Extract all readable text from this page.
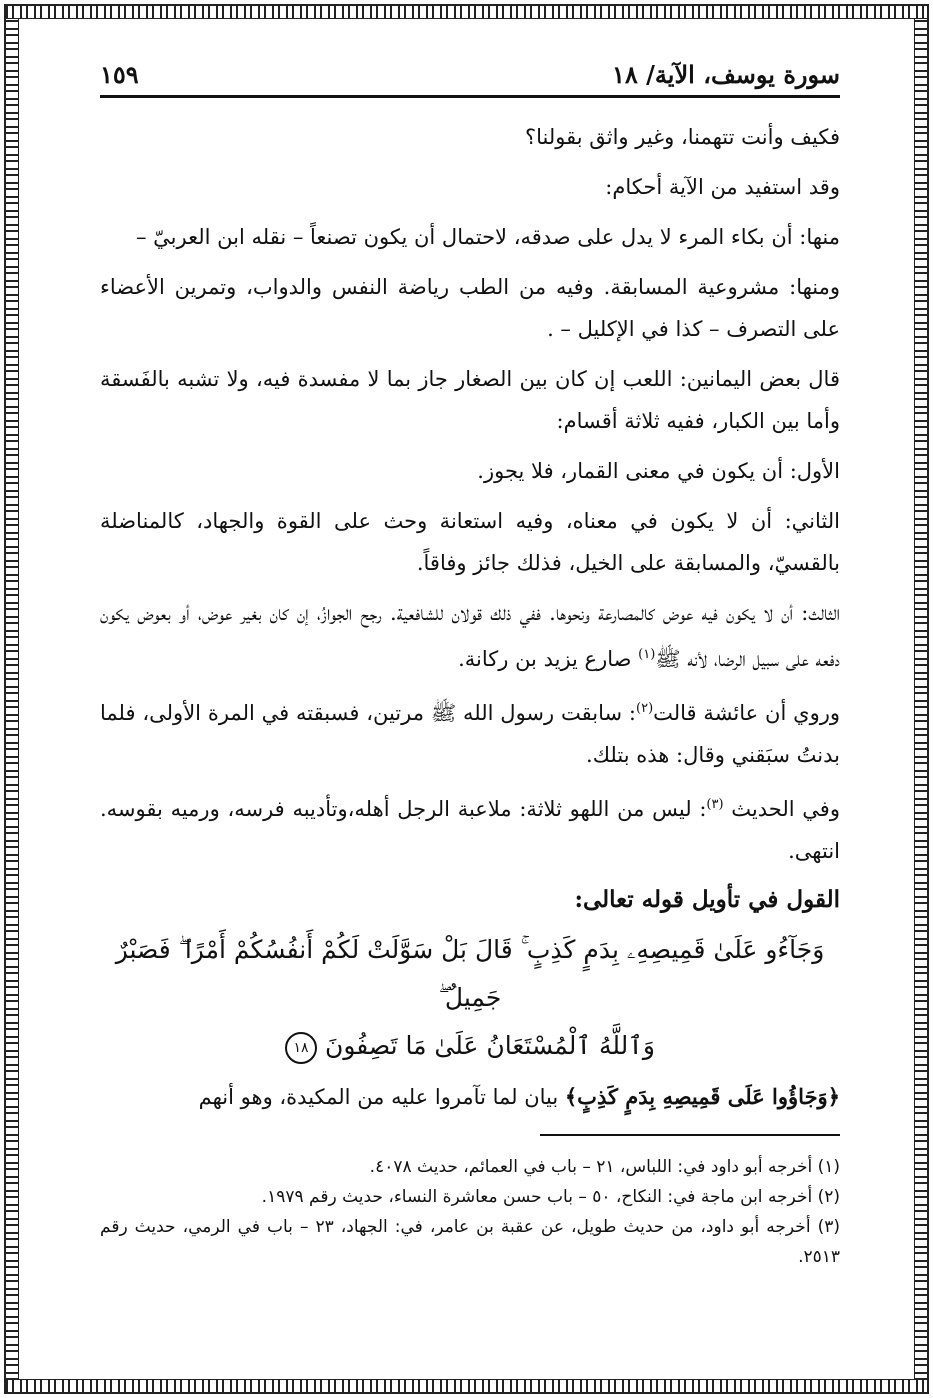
سورة يوسف، الآية/ ١٨
١٥٩

فكيف وأنت تتهمنا، وغير واثق بقولنا؟

وقد استفيد من الآية أحكام:

منها: أن بكاء المرء لا يدل على صدقه، لاحتمال أن يكون تصنعاً – نقله ابن العربيّ –

ومنها: مشروعية المسابقة. وفيه من الطب رياضة النفس والدواب، وتمرين الأعضاء على التصرف – كذا في الإكليل – .

قال بعض اليمانين: اللعب إن كان بين الصغار جاز بما لا مفسدة فيه، ولا تشبه بالفَسقة وأما بين الكبار، ففيه ثلاثة أقسام:

الأول: أن يكون في معنى القمار، فلا يجوز.

الثاني: أن لا يكون في معناه، وفيه استعانة وحث على القوة والجهاد، كالمناضلة بالقسيّ، والمسابقة على الخيل، فذلك جائز وفاقاً.

الثالث: أن لا يكون فيه عوض كالمصارعة ونحوها. ففي ذلك قولان للشافعية. رجح الجوازُ، إن كان بغير عوض، أو بعوض يكون دفعه على سبيل الرضا، لأنه ﷺ$^{(١)}$ صارع يزيد بن ركانة.

وروي أن عائشة قالت$^{(٢)}$: سابقت رسول الله ﷺ مرتين، فسبقته في المرة الأولى، فلما بدنتُ سبَقني وقال: هذه بتلك.

وفي الحديث $^{(٣)}$: ليس من اللهو ثلاثة: ملاعبة الرجل أهله،وتأديبه فرسه، ورميه بقوسه. انتهى.

القول في تأويل قوله تعالى:
وَجَآءُو عَلَىٰ قَمِيصِهِۦ بِدَمٍ كَذِبٍ ۚ قَالَ بَلْ سَوَّلَتْ لَكُمْ أَنفُسُكُمْ أَمْرًا ۖ فَصَبْرٌ جَمِيلٌ ۖ
وَٱللَّهُ ٱلْمُسْتَعَانُ عَلَىٰ مَا تَصِفُونَ ١٨

﴿وَجَاؤُوا عَلَى قَمِيصِهِ بِدَمٍ كَذِبٍ﴾ بيان لما تآمروا عليه من المكيدة، وهو أنهم

(١) أخرجه أبو داود في: اللباس، ٢١ – باب في العمائم، حديث ٤٠٧٨.

(٢) أخرجه ابن ماجة في: النكاح، ٥٠ – باب حسن معاشرة النساء، حديث رقم ١٩٧٩.

(٣) أخرجه أبو داود، من حديث طويل، عن عقبة بن عامر، في: الجهاد، ٢٣ – باب في الرمي، حديث رقم ٢٥١٣.
